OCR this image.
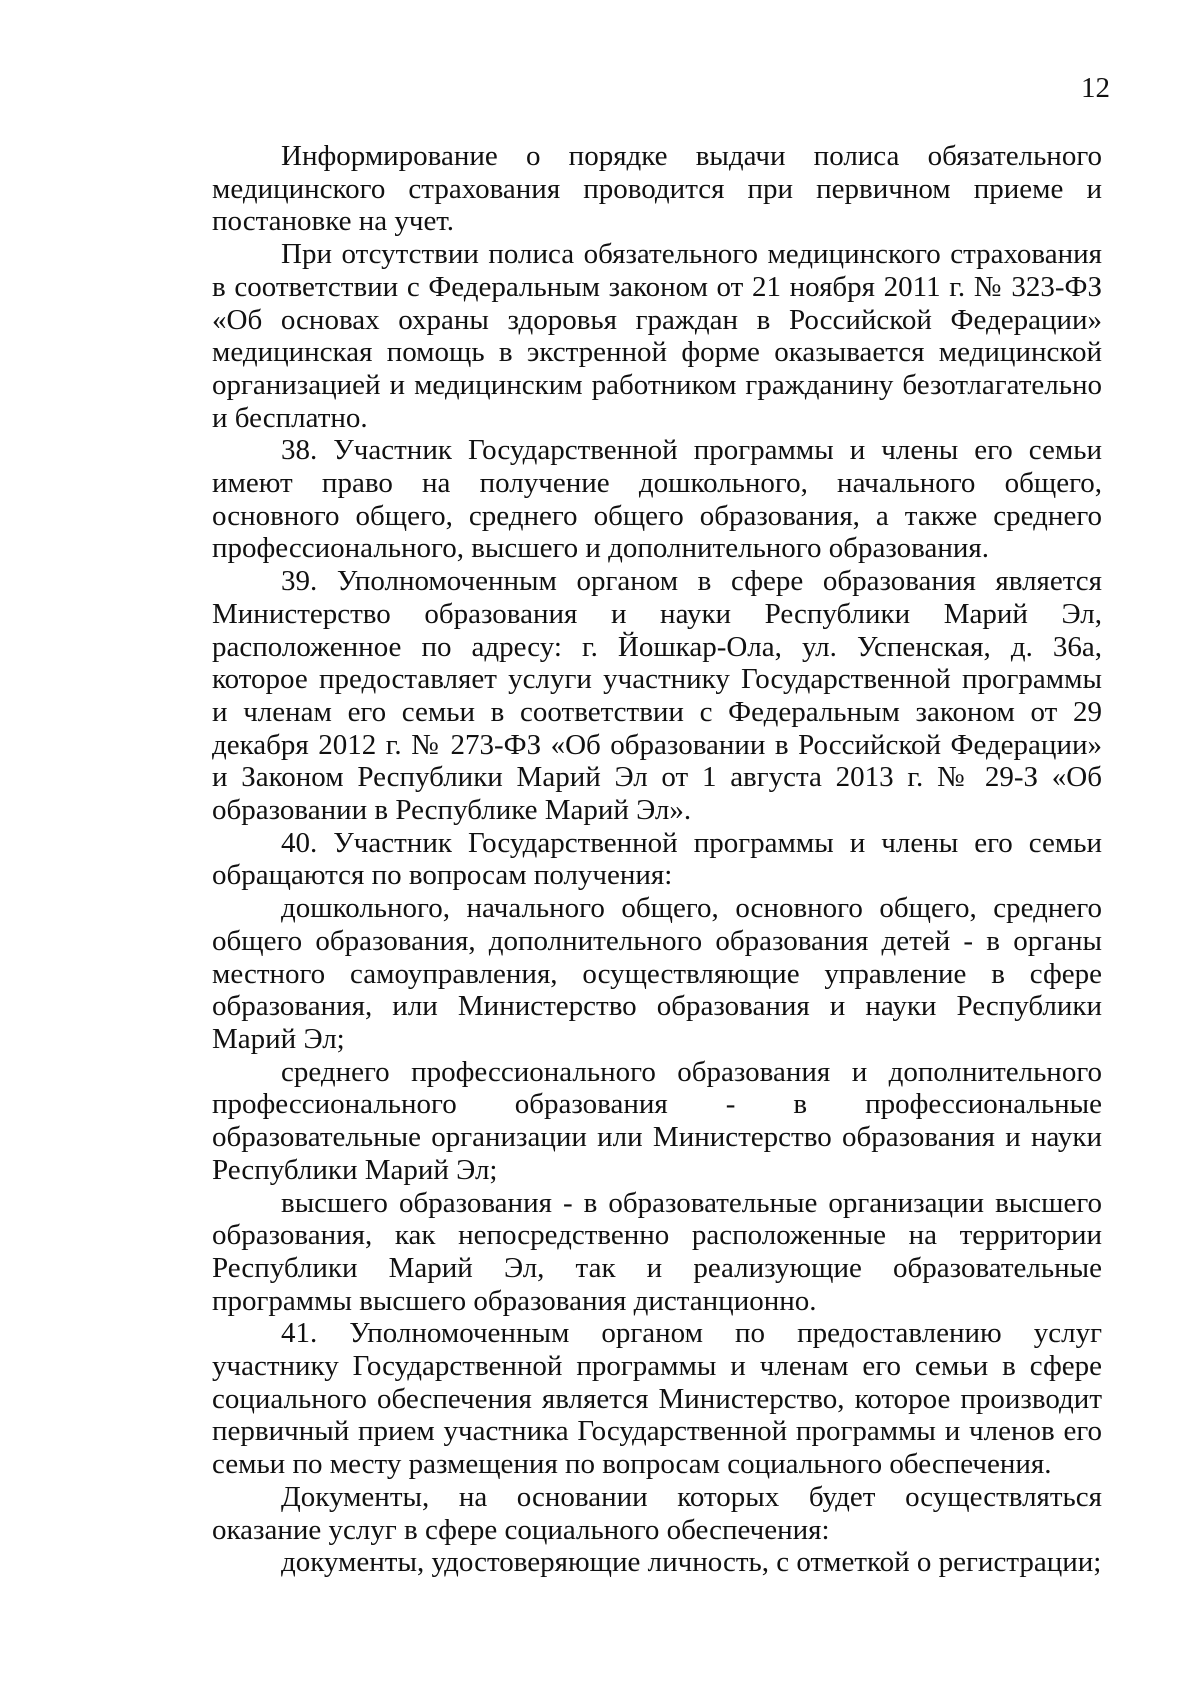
12

Информирование о порядке выдачи полиса обязательного медицинского страхования проводится при первичном приеме и постановке на учет.

При отсутствии полиса обязательного медицинского страхования в соответствии с Федеральным законом от 21 ноября 2011 г. № 323-ФЗ «Об основах охраны здоровья граждан в Российской Федерации» медицинская помощь в экстренной форме оказывается медицинской организацией и медицинским работником гражданину безотлагательно и бесплатно.

38. Участник Государственной программы и члены его семьи имеют право на получение дошкольного, начального общего, основного общего, среднего общего образования, а также среднего профессионального, высшего и дополнительного образования.

39. Уполномоченным органом в сфере образования является Министерство образования и науки Республики Марий Эл, расположенное по адресу: г. Йошкар-Ола, ул. Успенская, д. 36а, которое предоставляет услуги участнику Государственной программы и членам его семьи в соответствии с Федеральным законом от 29 декабря 2012 г. № 273-ФЗ «Об образовании в Российской Федерации» и Законом Республики Марий Эл от 1 августа 2013 г. № 29-З «Об образовании в Республике Марий Эл».

40. Участник Государственной программы и члены его семьи обращаются по вопросам получения:

дошкольного, начального общего, основного общего, среднего общего образования, дополнительного образования детей - в органы местного самоуправления, осуществляющие управление в сфере образования, или Министерство образования и науки Республики Марий Эл;

среднего профессионального образования и дополнительного профессионального образования - в профессиональные образовательные организации или Министерство образования и науки Республики Марий Эл;

высшего образования - в образовательные организации высшего образования, как непосредственно расположенные на территории Республики Марий Эл, так и реализующие образовательные программы высшего образования дистанционно.

41. Уполномоченным органом по предоставлению услуг участнику Государственной программы и членам его семьи в сфере социального обеспечения является Министерство, которое производит первичный прием участника Государственной программы и членов его семьи по месту размещения по вопросам социального обеспечения.

Документы, на основании которых будет осуществляться оказание услуг в сфере социального обеспечения:

документы, удостоверяющие личность, с отметкой о регистрации;
